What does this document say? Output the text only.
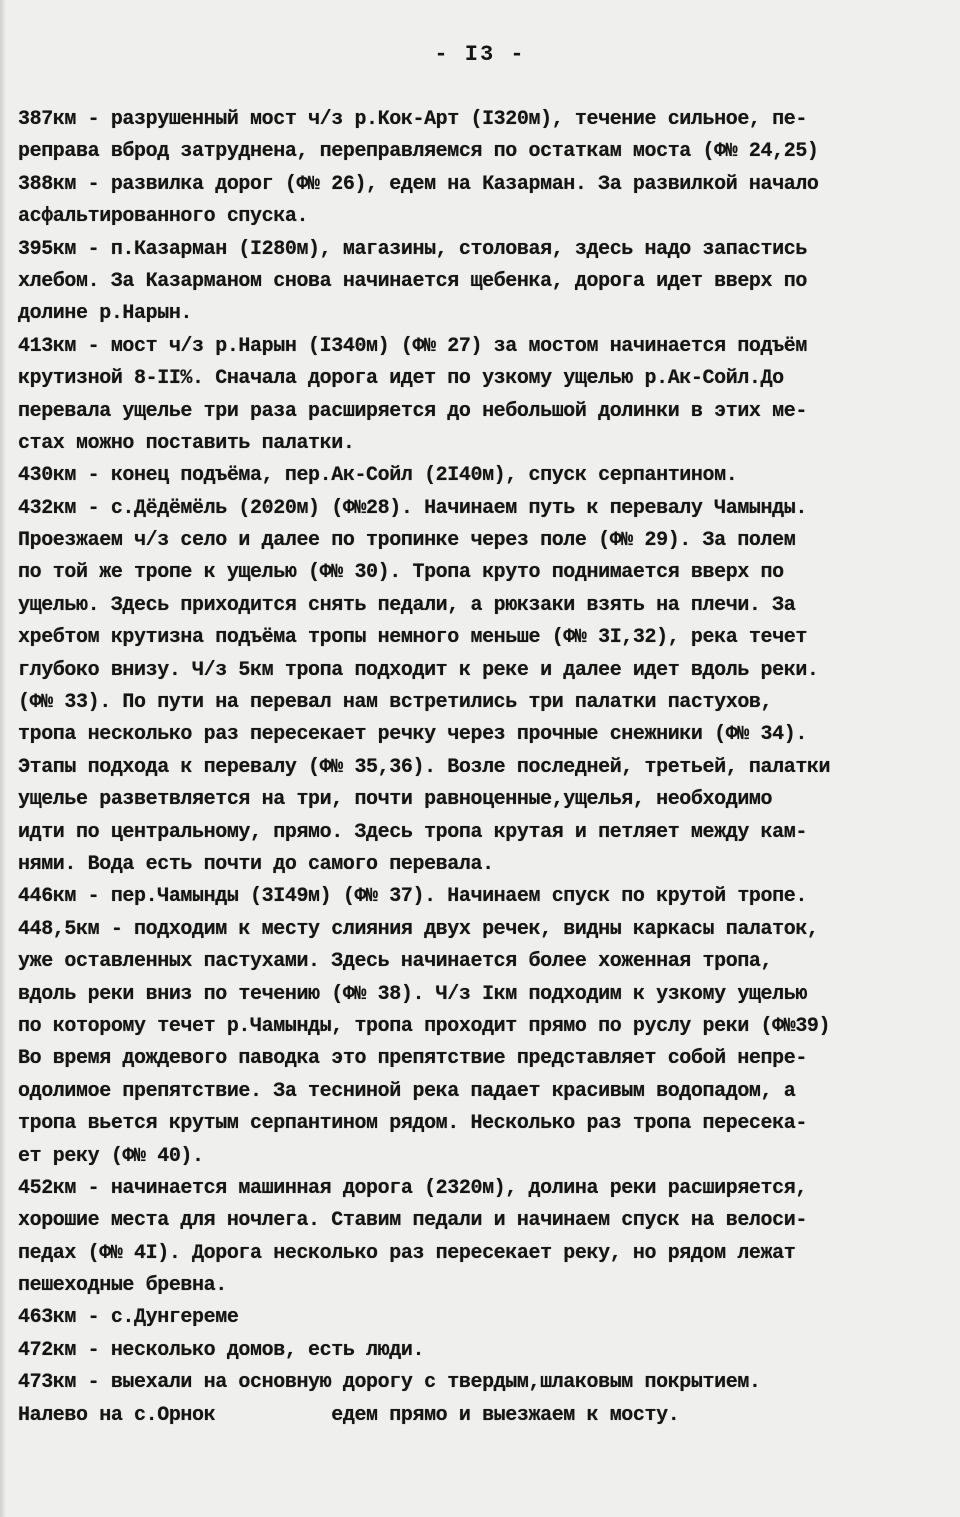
- I3 -
387км - разрушенный мост ч/з р.Кок-Арт (I320м), течение сильное, пе-
реправа вброд затруднена, переправляемся по остаткам моста (Ф№ 24,25)
388км - развилка дорог (Ф№ 26), едем на Казарман. За развилкой начало
асфальтированного спуска.
395км - п.Казарман (I280м), магазины, столовая, здесь надо запастись
хлебом. За Казарманом снова начинается щебенка, дорога идет вверх по
долине р.Нарын.
413км - мост ч/з р.Нарын (I340м) (Ф№ 27) за мостом начинается подъём
крутизной 8-II%. Сначала дорога идет по узкому ущелью р.Ак-Сойл.До
перевала ущелье три раза расширяется до небольшой долинки в этих ме-
стах можно поставить палатки.
430км - конец подъёма, пер.Ак-Сойл (2I40м), спуск серпантином.
432км - с.Дёдёмёль (2020м) (Ф№28). Начинаем путь к перевалу Чамынды.
Проезжаем ч/з село и далее по тропинке через поле (Ф№ 29). За полем
по той же тропе к ущелью (Ф№ 30). Тропа круто поднимается вверх по
ущелью. Здесь приходится снять педали, а рюкзаки взять на плечи. За
хребтом крутизна подъёма тропы немного меньше (Ф№ 3I,32), река течет
глубоко внизу. Ч/з 5км тропа подходит к реке и далее идет вдоль реки.
(Ф№ 33). По пути на перевал нам встретились три палатки пастухов,
тропа несколько раз пересекает речку через прочные снежники (Ф№ 34).
Этапы подхода к перевалу (Ф№ 35,36). Возле последней, третьей, палатки
ущелье разветвляется на три, почти равноценные,ущелья, необходимо
идти по центральному, прямо. Здесь тропа крутая и петляет между кам-
нями. Вода есть почти до самого перевала.
446км - пер.Чамынды (3I49м) (Ф№ 37). Начинаем спуск по крутой тропе.
448,5км - подходим к месту слияния двух речек, видны каркасы палаток,
уже оставленных пастухами. Здесь начинается более хоженная тропа,
вдоль реки вниз по течению (Ф№ 38). Ч/з Iкм подходим к узкому ущелью
по которому течет р.Чамынды, тропа проходит прямо по руслу реки (Ф№39)
Во время дождевого паводка это препятствие представляет собой непре-
одолимое препятствие. За тесниной река падает красивым водопадом, а
тропа вьется крутым серпантином рядом. Несколько раз тропа пересека-
ет реку (Ф№ 40).
452км - начинается машинная дорога (2320м), долина реки расширяется,
хорошие места для ночлега. Ставим педали и начинаем спуск на велоси-
педах (Ф№ 4I). Дорога несколько раз пересекает реку, но рядом лежат
пешеходные бревна.
463км - с.Дунгереме
472км - несколько домов, есть люди.
473км - выехали на основную дорогу с твердым,шлаковым покрытием.
Налево на с.Орнок          едем прямо и выезжаем к мосту.
